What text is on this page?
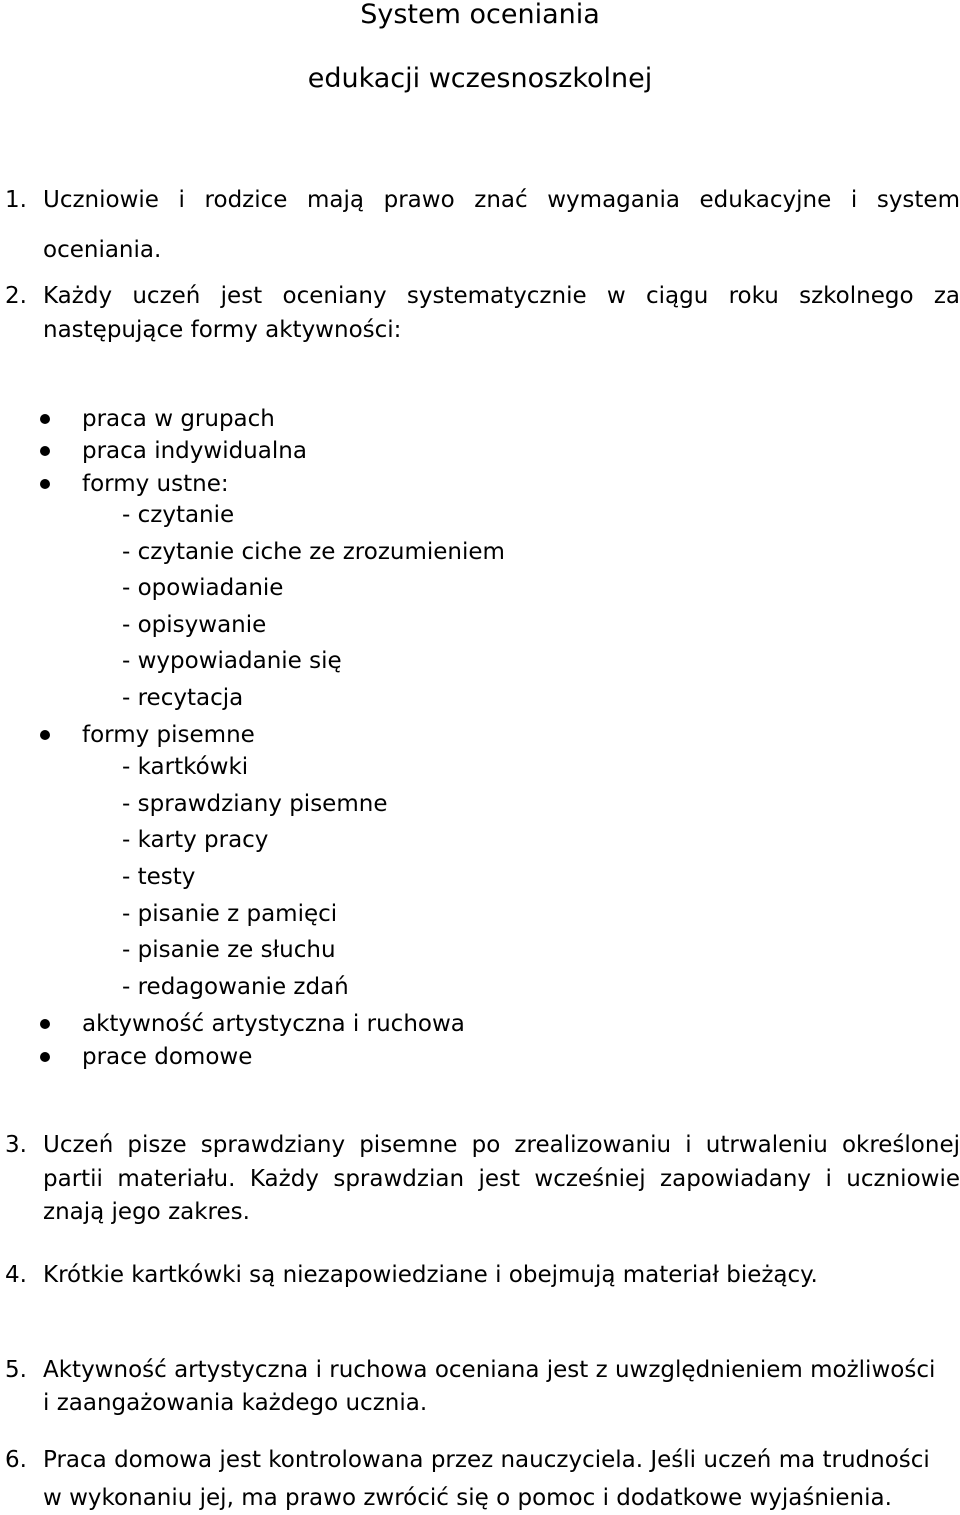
System oceniania
edukacji wczesnoszkolnej
1. Uczniowie i rodzice mają prawo znać wymagania edukacyjne i system
oceniania.
2. Każdy uczeń jest oceniany systematycznie w ciągu roku szkolnego za
następujące formy aktywności:
praca w grupach
praca indywidualna
formy ustne:
- czytanie
- czytanie ciche ze zrozumieniem
- opowiadanie
- opisywanie
- wypowiadanie się
- recytacja
formy pisemne
- kartkówki
- sprawdziany pisemne
- karty pracy
- testy
- pisanie z pamięci
- pisanie ze słuchu
- redagowanie zdań
aktywność artystyczna i ruchowa
prace domowe
3. Uczeń pisze sprawdziany pisemne po zrealizowaniu i utrwaleniu określonej
partii materiału. Każdy sprawdzian jest wcześniej zapowiadany i uczniowie
znają jego zakres.
4. Krótkie kartkówki są niezapowiedziane i obejmują materiał bieżący.
5. Aktywność artystyczna i ruchowa oceniana jest z uwzględnieniem możliwości
i zaangażowania każdego ucznia.
6. Praca domowa jest kontrolowana przez nauczyciela. Jeśli uczeń ma trudności
w wykonaniu jej, ma prawo zwrócić się o pomoc i dodatkowe wyjaśnienia.
